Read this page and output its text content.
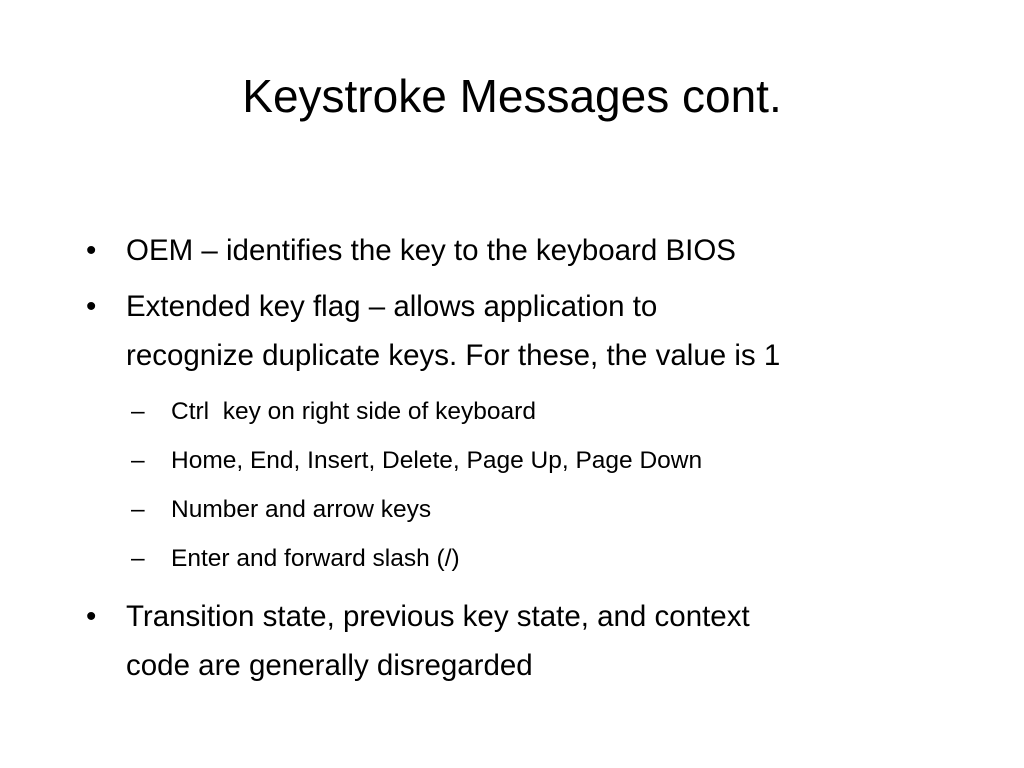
Keystroke Messages cont.
•	OEM – identifies the key to the keyboard BIOS
•	Extended key flag – allows application to
recognize duplicate keys. For these, the value is 1
– Ctrl  key on right side of keyboard
– Home, End, Insert, Delete, Page Up, Page Down
– Number and arrow keys
– Enter and forward slash (/)
•	Transition state, previous key state, and context
code are generally disregarded
